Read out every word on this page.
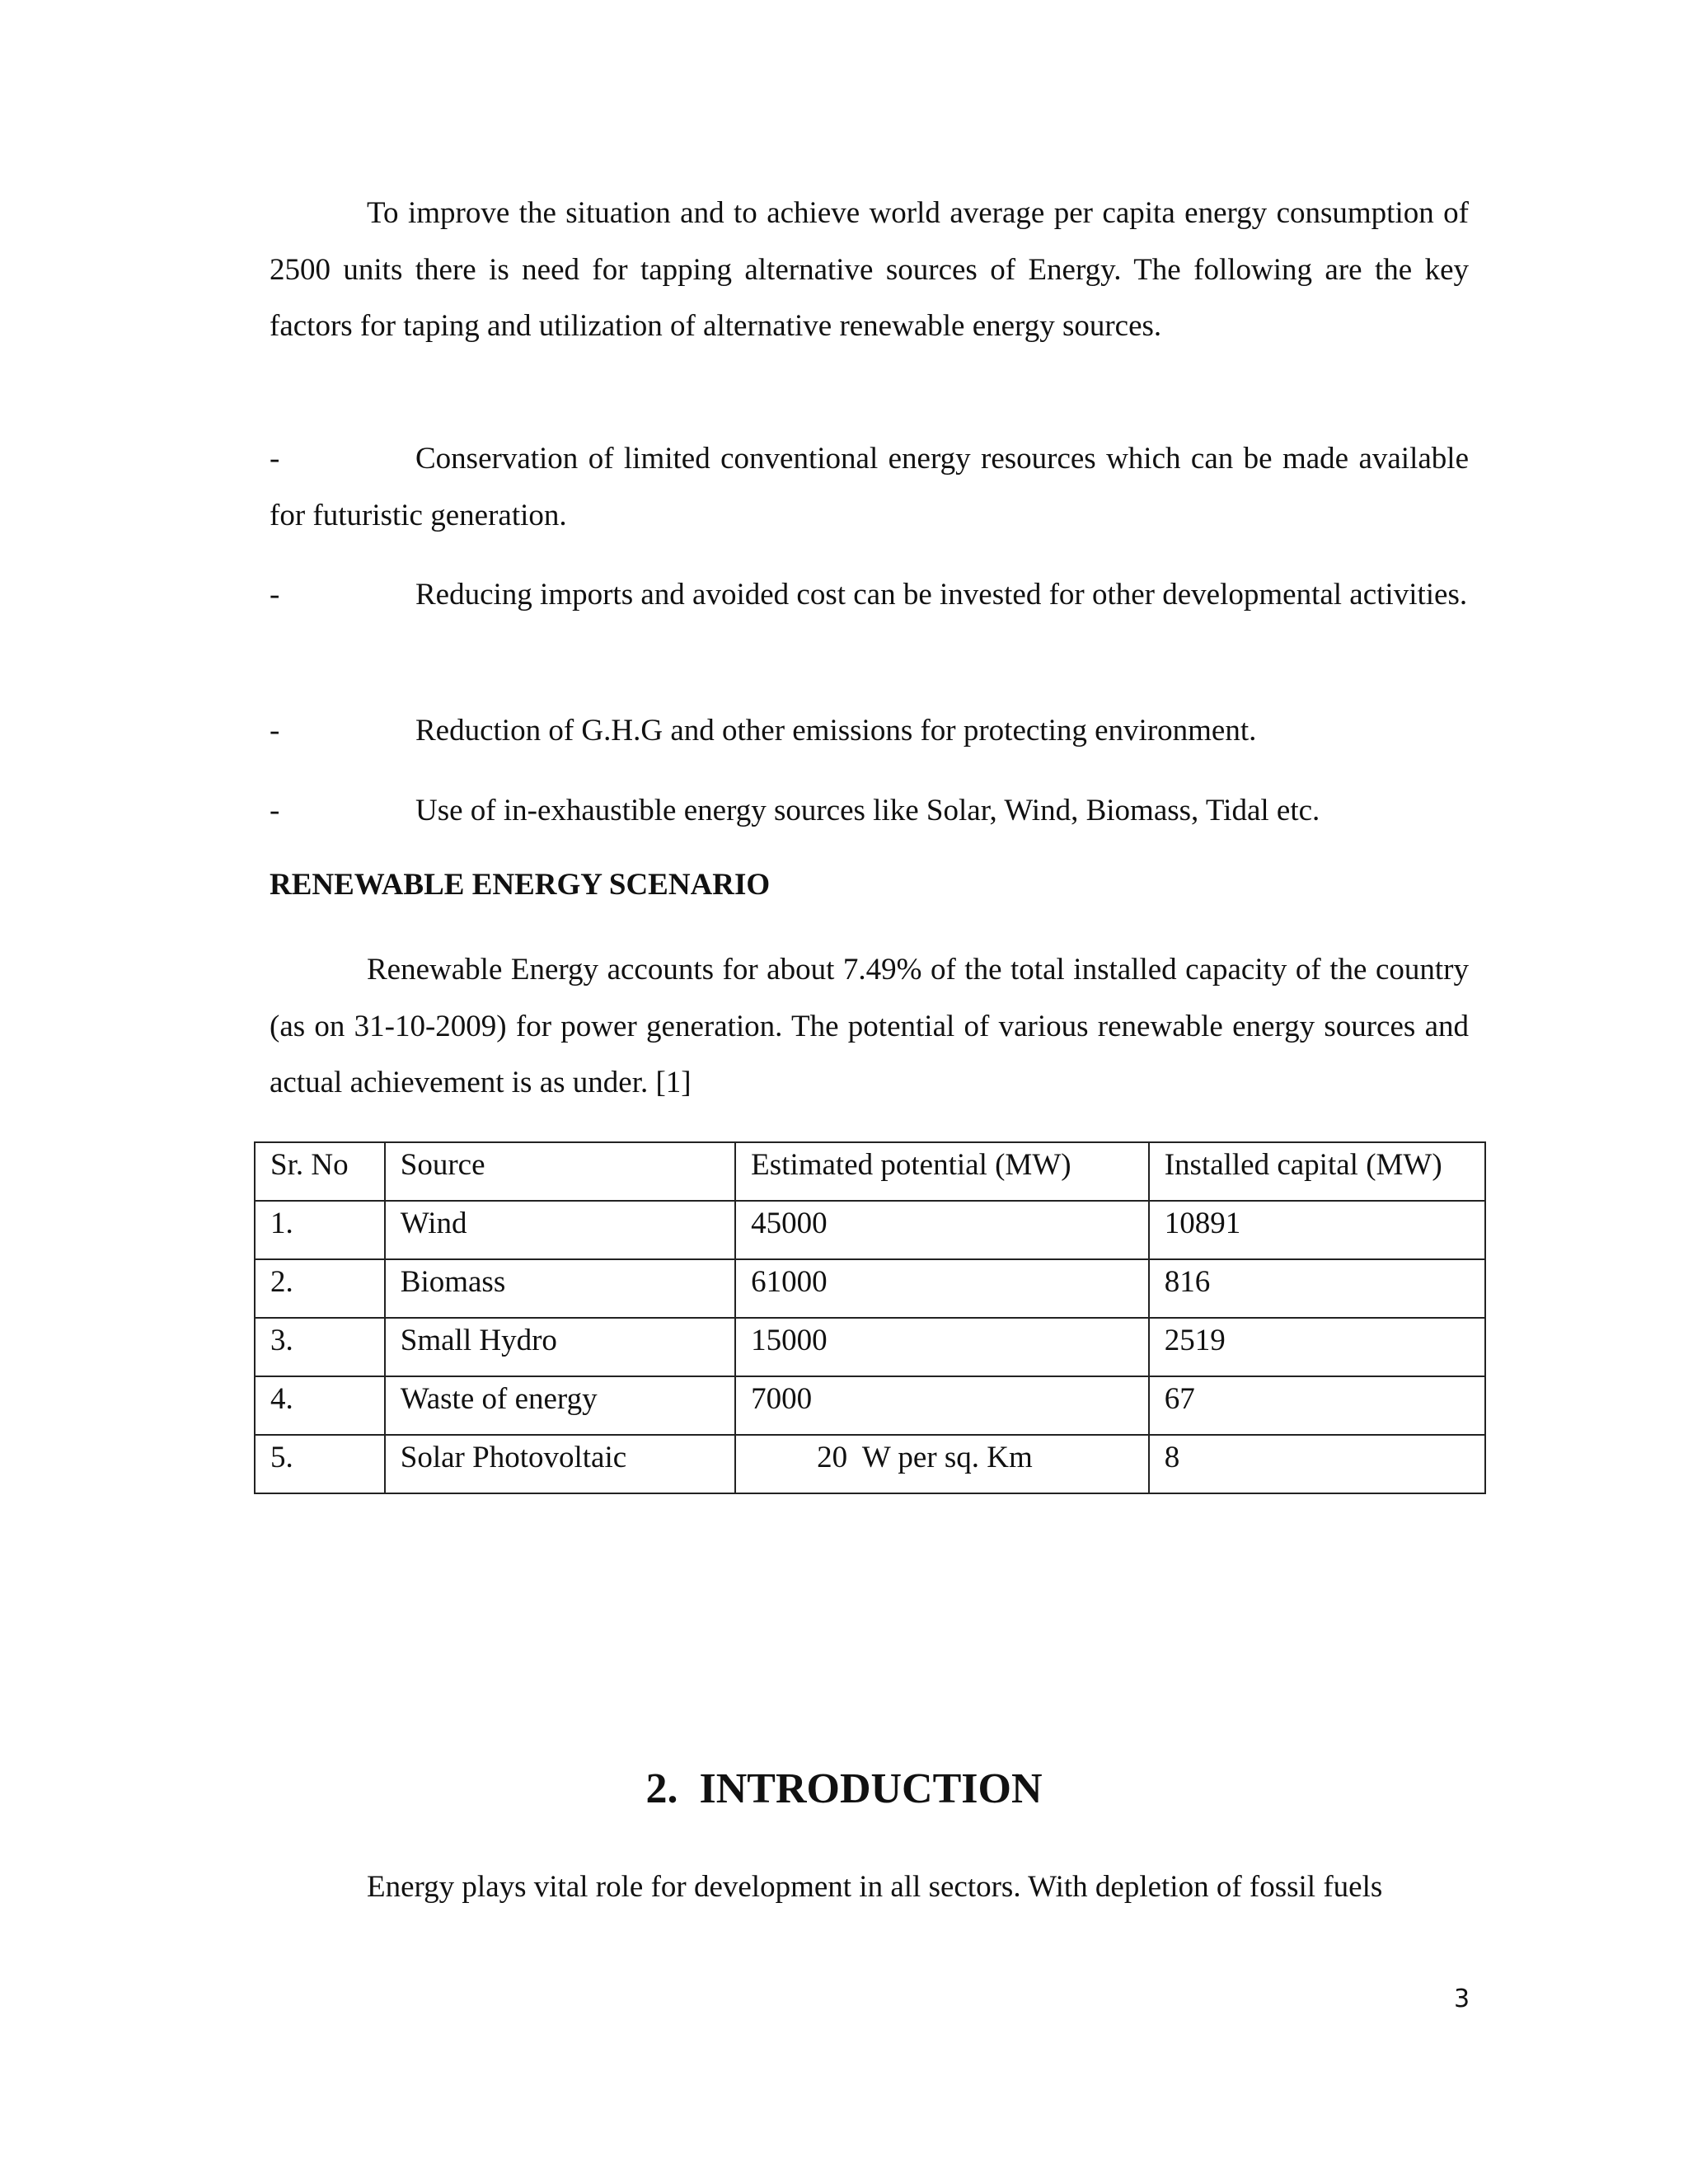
To improve the situation and to achieve world average per capita energy consumption of 2500 units there is need for tapping alternative sources of Energy. The following are the key factors for taping and utilization of alternative renewable energy sources.

-	Conservation of limited conventional energy resources which can be made available for futuristic generation.
-	Reducing imports and avoided cost can be invested for other developmental activities.
-	Reduction of G.H.G and other emissions for protecting environment.
-	Use of in-exhaustible energy sources like Solar, Wind, Biomass, Tidal etc.
RENEWABLE ENERGY SCENARIO

Renewable Energy accounts for about 7.49% of the total installed capacity of the country (as on 31-10-2009) for power generation. The potential of various renewable energy sources and actual achievement is as under. [1]

Sr. No	Source	Estimated potential (MW)	Installed capital (MW)
1.	Wind	45000	10891
2.	Biomass	61000	816
3.	Small Hydro	15000	2519
4.	Waste of energy	7000	67
5.	Solar Photovoltaic	20  W per sq. Km	8
2.  INTRODUCTION

Energy plays vital role for development in all sectors. With depletion of fossil fuels

3
